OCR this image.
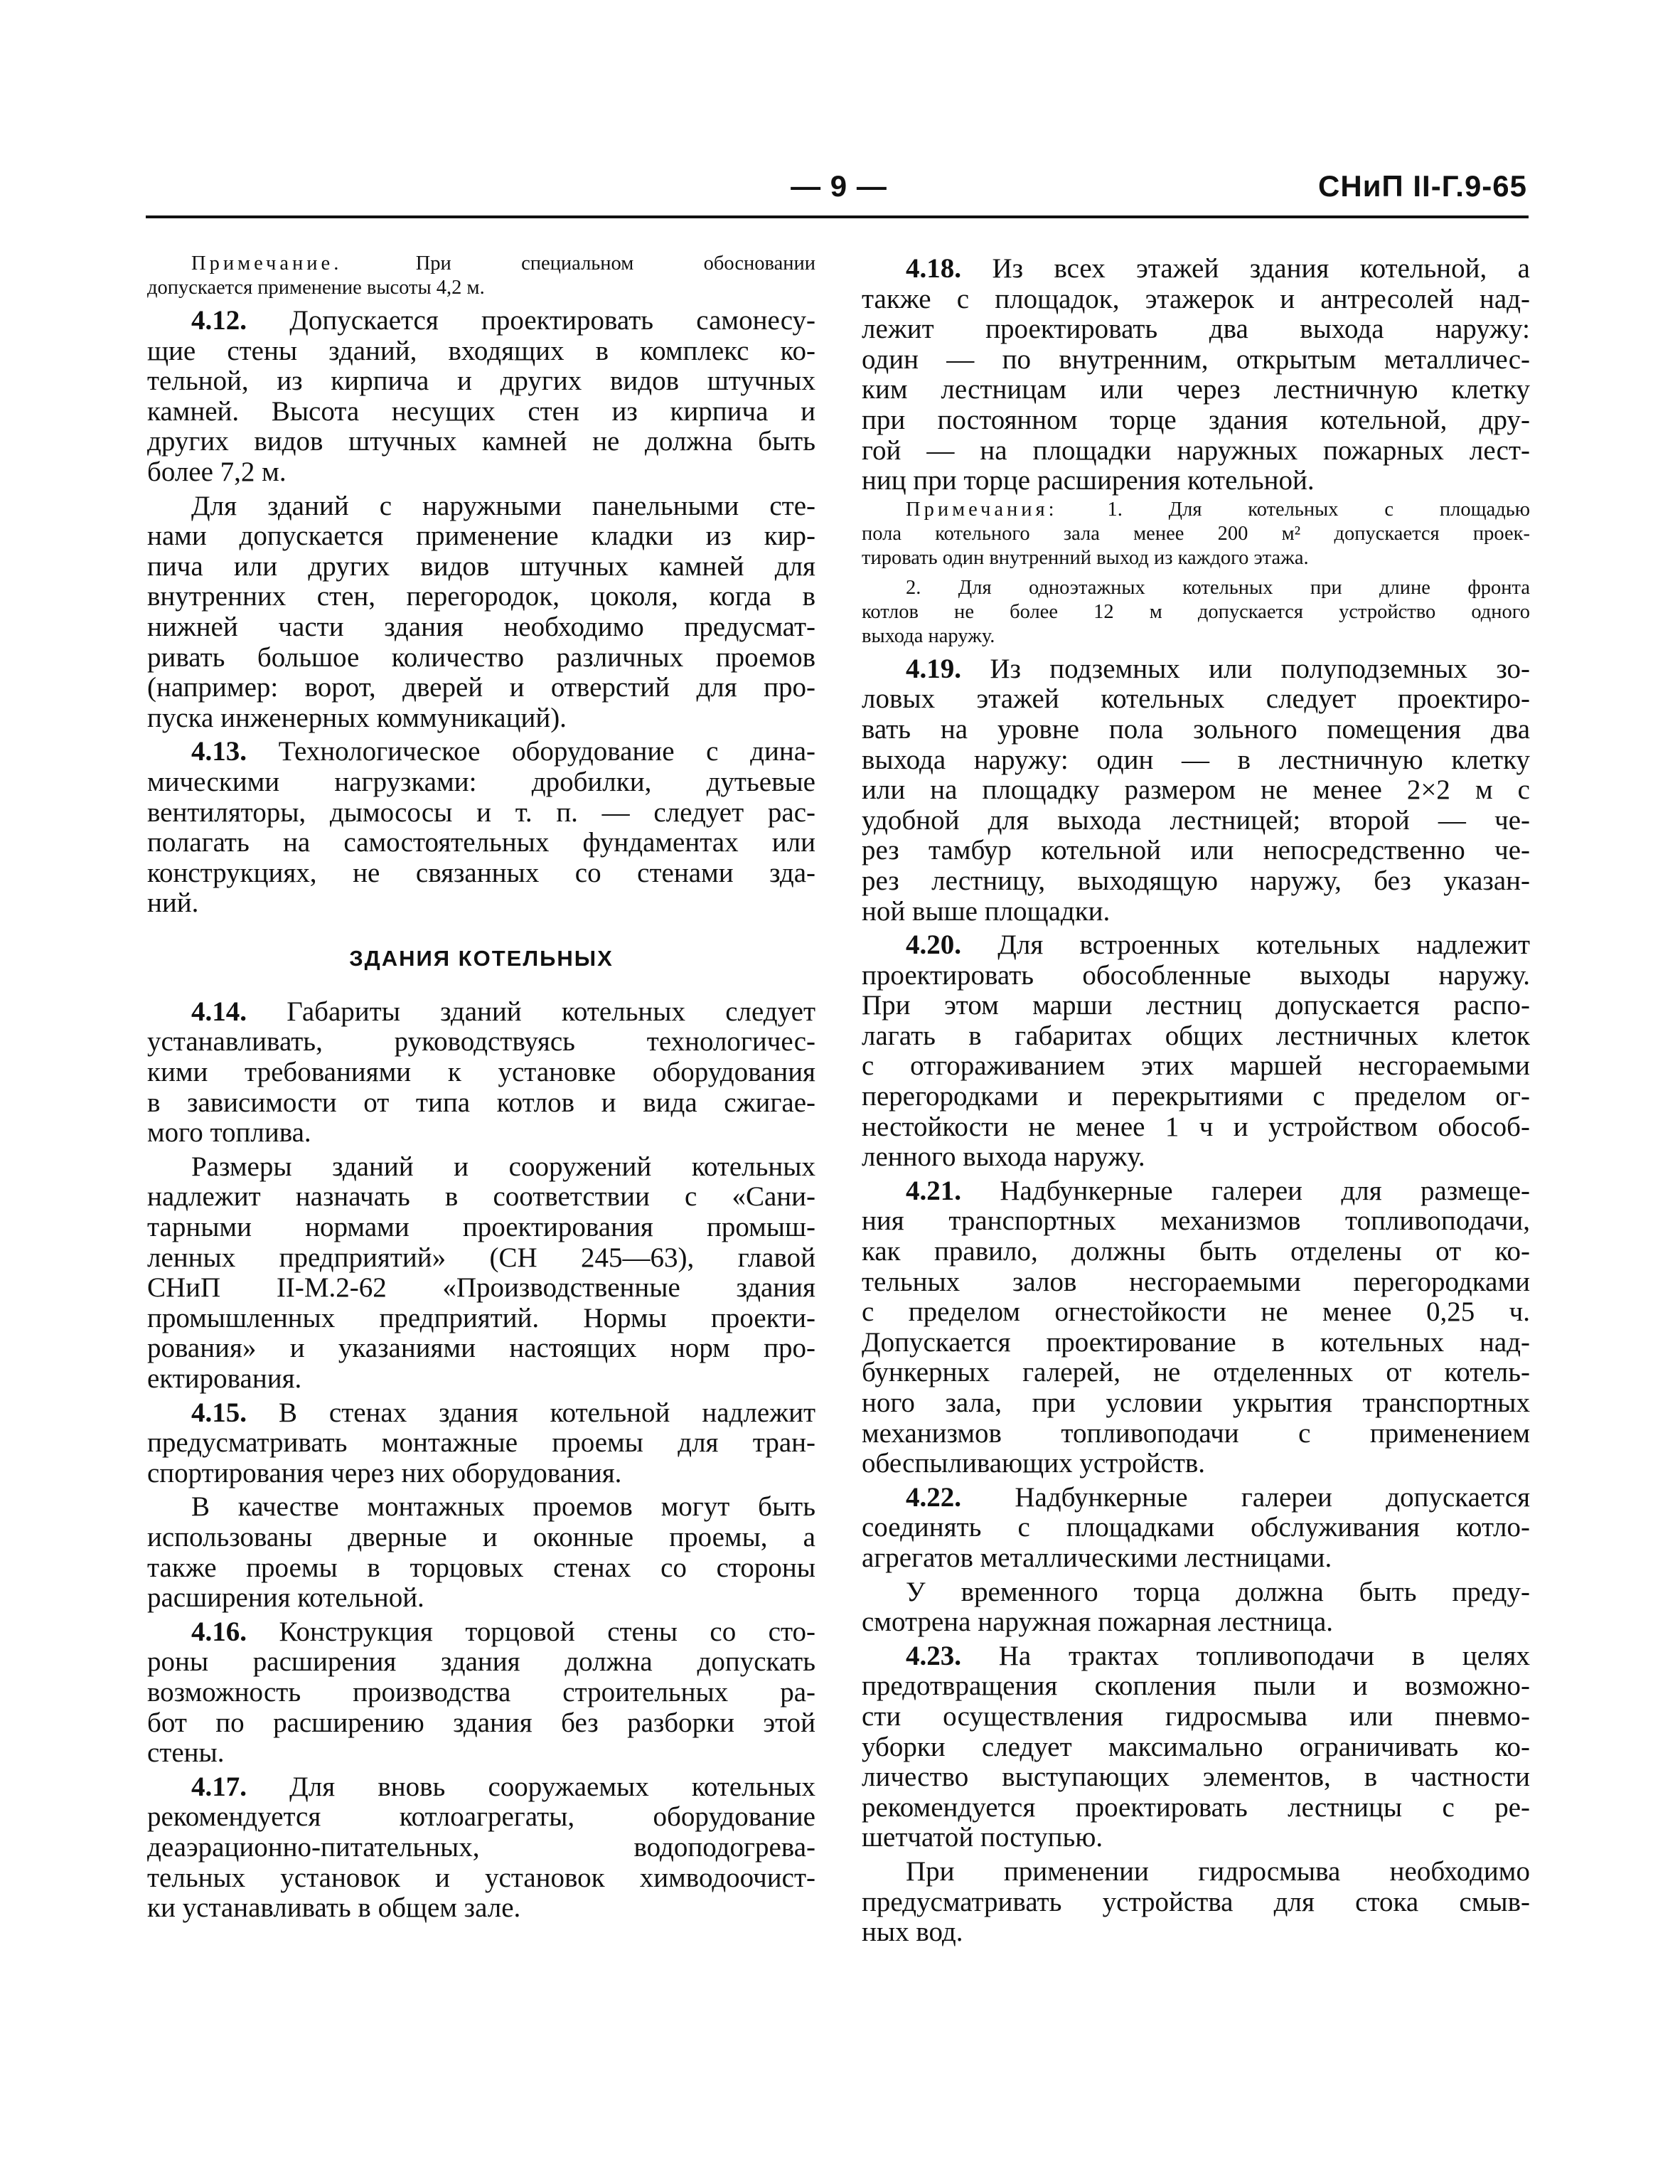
— 9 —	СНиП II-Г.9-65
Примечание. При специальном обосновании
допускается применение высоты 4,2 м.
4.12. Допускается проектировать самонесу-
щие стены зданий, входящих в комплекс ко-
тельной, из кирпича и других видов штучных
камней. Высота несущих стен из кирпича и
других видов штучных камней не должна быть
более 7,2 м.
Для зданий с наружными панельными сте-
нами допускается применение кладки из кир-
пича или других видов штучных камней для
внутренних стен, перегородок, цоколя, когда в
нижней части здания необходимо предусмат-
ривать большое количество различных проемов
(например: ворот, дверей и отверстий для про-
пуска инженерных коммуникаций).
4.13. Технологическое оборудование с дина-
мическими нагрузками: дробилки, дутьевые
вентиляторы, дымососы и т. п. — следует рас-
полагать на самостоятельных фундаментах или
конструкциях, не связанных со стенами зда-
ний.
ЗДАНИЯ КОТЕЛЬНЫХ
4.14. Габариты зданий котельных следует
устанавливать, руководствуясь технологичес-
кими требованиями к установке оборудования
в зависимости от типа котлов и вида сжигае-
мого топлива.
Размеры зданий и сооружений котельных
надлежит назначать в соответствии с «Сани-
тарными нормами проектирования промыш-
ленных предприятий» (СН 245—63), главой
СНиП II-М.2-62 «Производственные здания
промышленных предприятий. Нормы проекти-
рования» и указаниями настоящих норм про-
ектирования.
4.15. В стенах здания котельной надлежит
предусматривать монтажные проемы для тран-
спортирования через них оборудования.
В качестве монтажных проемов могут быть
использованы дверные и оконные проемы, а
также проемы в торцовых стенах со стороны
расширения котельной.
4.16. Конструкция торцовой стены со сто-
роны расширения здания должна допускать
возможность производства строительных ра-
бот по расширению здания без разборки этой
стены.
4.17. Для вновь сооружаемых котельных
рекомендуется котлоагрегаты, оборудование
деаэрационно-питательных, водоподогрева-
тельных установок и установок химводоочист-
ки устанавливать в общем зале.
4.18. Из всех этажей здания котельной, а
также с площадок, этажерок и антресолей над-
лежит проектировать два выхода наружу:
один — по внутренним, открытым металличес-
ким лестницам или через лестничную клетку
при постоянном торце здания котельной, дру-
гой — на площадки наружных пожарных лест-
ниц при торце расширения котельной.
Примечания: 1. Для котельных с площадью
пола котельного зала менее 200 м² допускается проек-
тировать один внутренний выход из каждого этажа.
2. Для одноэтажных котельных при длине фронта
котлов не более 12 м допускается устройство одного
выхода наружу.
4.19. Из подземных или полуподземных зо-
ловых этажей котельных следует проектиро-
вать на уровне пола зольного помещения два
выхода наружу: один — в лестничную клетку
или на площадку размером не менее 2×2 м с
удобной для выхода лестницей; второй — че-
рез тамбур котельной или непосредственно че-
рез лестницу, выходящую наружу, без указан-
ной выше площадки.
4.20. Для встроенных котельных надлежит
проектировать обособленные выходы наружу.
При этом марши лестниц допускается распо-
лагать в габаритах общих лестничных клеток
с отгораживанием этих маршей несгораемыми
перегородками и перекрытиями с пределом ог-
нестойкости не менее 1 ч и устройством обособ-
ленного выхода наружу.
4.21. Надбункерные галереи для размеще-
ния транспортных механизмов топливоподачи,
как правило, должны быть отделены от ко-
тельных залов несгораемыми перегородками
с пределом огнестойкости не менее 0,25 ч.
Допускается проектирование в котельных над-
бункерных галерей, не отделенных от котель-
ного зала, при условии укрытия транспортных
механизмов топливоподачи с применением
обеспыливающих устройств.
4.22. Надбункерные галереи допускается
соединять с площадками обслуживания котло-
агрегатов металлическими лестницами.
У временного торца должна быть преду-
смотрена наружная пожарная лестница.
4.23. На трактах топливоподачи в целях
предотвращения скопления пыли и возможно-
сти осуществления гидросмыва или пневмо-
уборки следует максимально ограничивать ко-
личество выступающих элементов, в частности
рекомендуется проектировать лестницы с ре-
шетчатой поступью.
При применении гидросмыва необходимо
предусматривать устройства для стока смыв-
ных вод.
